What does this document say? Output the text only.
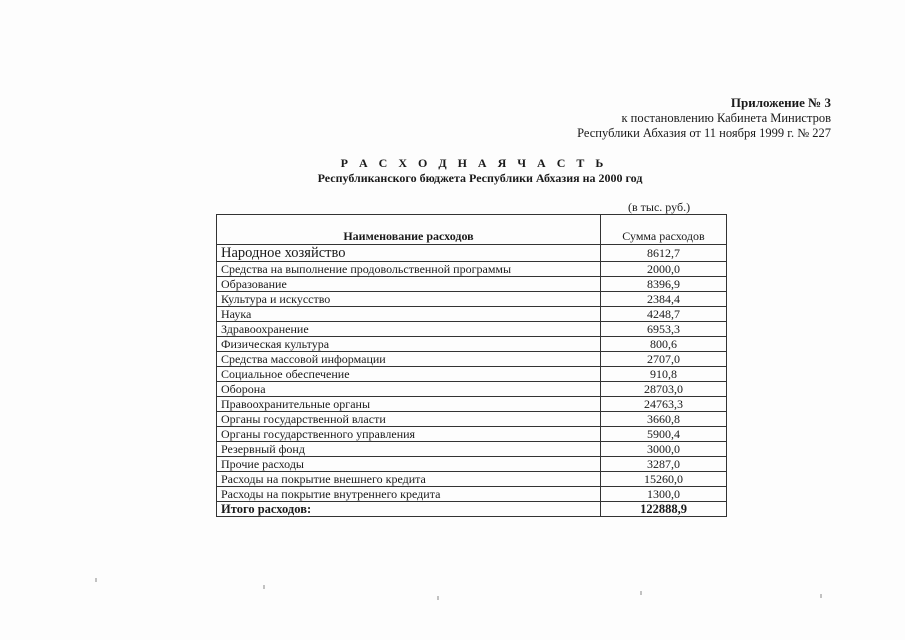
Приложение № 3
к постановлению Кабинета Министров
Республики Абхазия от 11 ноября 1999 г. № 227
Р А С Х О Д Н А Я Ч А С Т Ь
Республиканского бюджета Республики Абхазия на 2000 год
(в тыс. руб.)
Наименование расходов	Сумма расходов
Народное хозяйство	8612,7
Средства на выполнение продовольственной программы	2000,0
Образование	8396,9
Культура и искусство	2384,4
Наука	4248,7
Здравоохранение	6953,3
Физическая культура	800,6
Средства массовой информации	2707,0
Социальное обеспечение	910,8
Оборона	28703,0
Правоохранительные органы	24763,3
Органы государственной власти	3660,8
Органы государственного управления	5900,4
Резервный фонд	3000,0
Прочие расходы	3287,0
Расходы на покрытие внешнего кредита	15260,0
Расходы на покрытие внутреннего кредита	1300,0
Итого расходов:	122888,9
